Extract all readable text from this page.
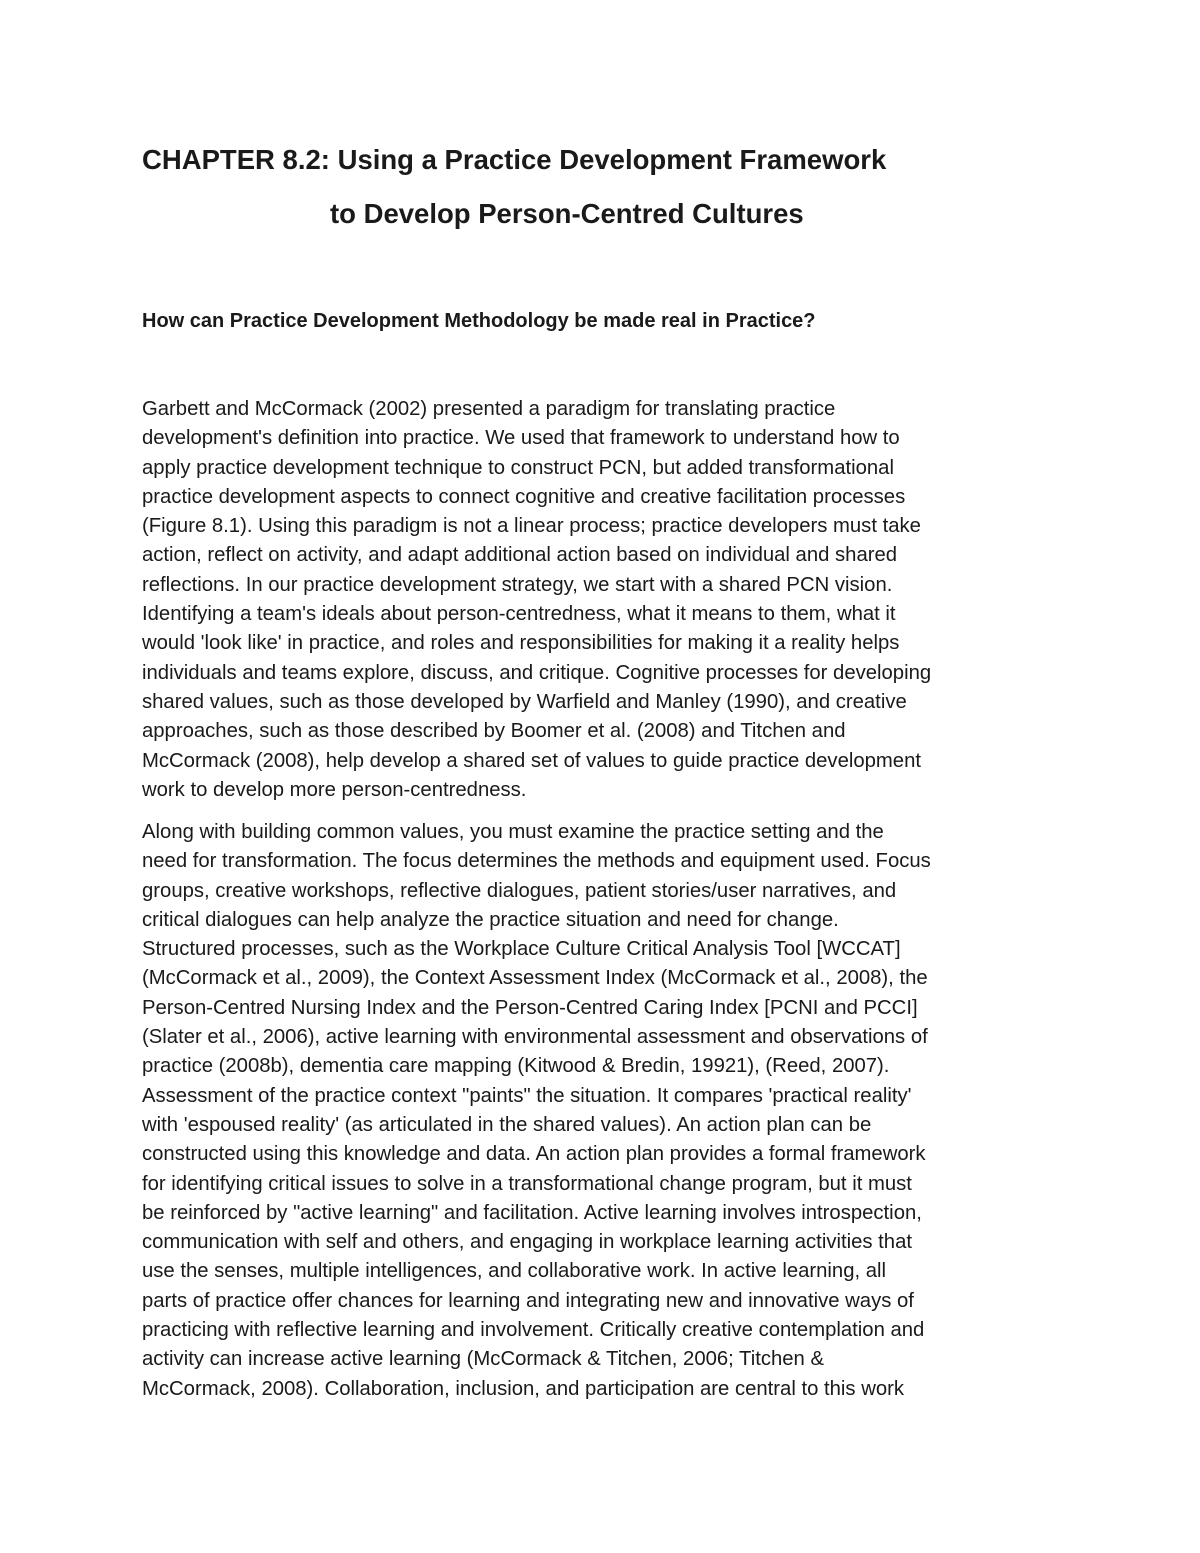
CHAPTER 8.2: Using a Practice Development Framework
to Develop Person-Centred Cultures
How can Practice Development Methodology be made real in Practice?

Garbett and McCormack (2002) presented a paradigm for translating practice
development's definition into practice. We used that framework to understand how to
apply practice development technique to construct PCN, but added transformational
practice development aspects to connect cognitive and creative facilitation processes
(Figure 8.1). Using this paradigm is not a linear process; practice developers must take
action, reflect on activity, and adapt additional action based on individual and shared
reflections. In our practice development strategy, we start with a shared PCN vision.
Identifying a team's ideals about person-centredness, what it means to them, what it
would 'look like' in practice, and roles and responsibilities for making it a reality helps
individuals and teams explore, discuss, and critique. Cognitive processes for developing
shared values, such as those developed by Warfield and Manley (1990), and creative
approaches, such as those described by Boomer et al. (2008) and Titchen and
McCormack (2008), help develop a shared set of values to guide practice development
work to develop more person-centredness.

Along with building common values, you must examine the practice setting and the
need for transformation. The focus determines the methods and equipment used. Focus
groups, creative workshops, reflective dialogues, patient stories/user narratives, and
critical dialogues can help analyze the practice situation and need for change.
Structured processes, such as the Workplace Culture Critical Analysis Tool [WCCAT]
(McCormack et al., 2009), the Context Assessment Index (McCormack et al., 2008), the
Person-Centred Nursing Index and the Person-Centred Caring Index [PCNI and PCCI]
(Slater et al., 2006), active learning with environmental assessment and observations of
practice (2008b), dementia care mapping (Kitwood & Bredin, 19921), (Reed, 2007).
Assessment of the practice context "paints" the situation. It compares 'practical reality'
with 'espoused reality' (as articulated in the shared values). An action plan can be
constructed using this knowledge and data. An action plan provides a formal framework
for identifying critical issues to solve in a transformational change program, but it must
be reinforced by "active learning" and facilitation. Active learning involves introspection,
communication with self and others, and engaging in workplace learning activities that
use the senses, multiple intelligences, and collaborative work. In active learning, all
parts of practice offer chances for learning and integrating new and innovative ways of
practicing with reflective learning and involvement. Critically creative contemplation and
activity can increase active learning (McCormack & Titchen, 2006; Titchen &
McCormack, 2008). Collaboration, inclusion, and participation are central to this work
